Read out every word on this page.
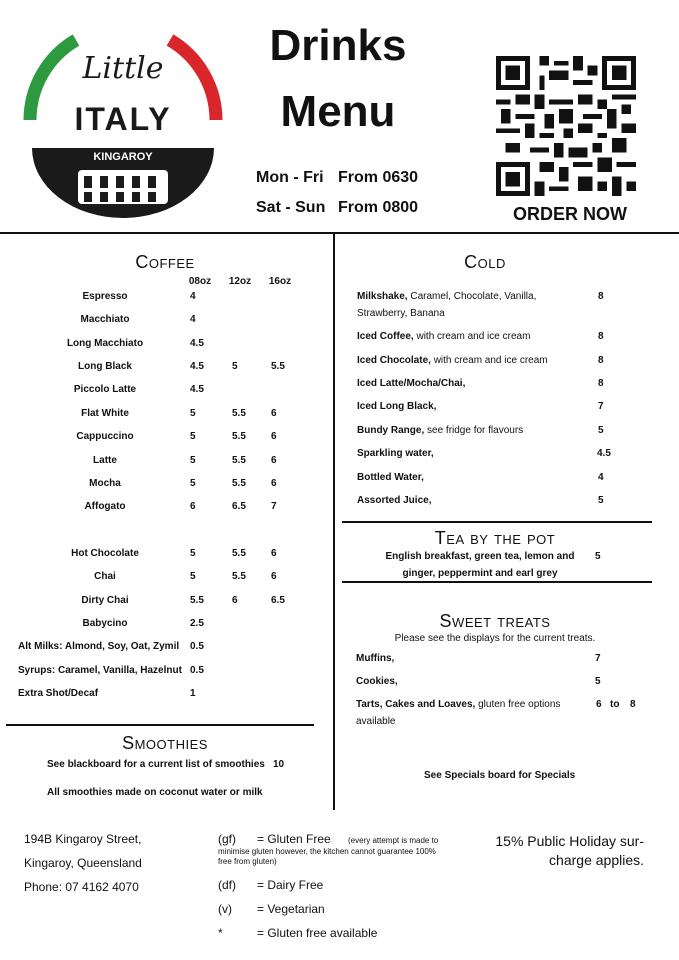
Little
ITALY
KINGAROY
Drinks
Menu
Mon - Fri From 0630
Sat - Sun From 0800	ORDER NOW
Coffee
08oz	12oz	16oz
Espresso	4
Macchiato	4
Long Macchiato	4.5
Long Black	4.5	5	5.5
Piccolo Latte	4.5
Flat White	5	5.5	6
Cappuccino	5	5.5	6
Latte	5	5.5	6
Mocha	5	5.5	6
Affogato	6	6.5	7
Hot Chocolate	5	5.5	6
Chai	5	5.5	6
Dirty Chai	5.5	6	6.5
Babycino	2.5
Alt Milks: Almond, Soy, Oat, Zymil 0.5
Syrups: Caramel, Vanilla, Hazelnut 0.5
Extra Shot/Decaf	1
Smoothies
See blackboard for a current list of smoothies 10
All smoothies made on coconut water or milk
Cold
Milkshake, Caramel, Chocolate, Vanilla,
Strawberry, Banana
8
Iced Coffee, with cream and ice cream	8
Iced Chocolate, with cream and ice cream	8
Iced Latte/Mocha/Chai,	8
Iced Long Black,	7
Bundy Range, see fridge for flavours	5
Sparkling water,	4.5
Bottled Water,	4
Assorted Juice,	5
Tea by the pot
English breakfast, green tea, lemon and
ginger, peppermint and earl grey
5
Sweet treats
Please see the displays for the current treats.
Muffins,	7
Cookies,	5
Tarts, Cakes and Loaves, gluten free options
available
6 to 8
See Specials board for Specials
194B Kingaroy Street,
Kingaroy, Queensland
Phone: 07 4162 4070
(gf) = Gluten Free (every attempt is made to
minimise gluten however, the kitchen cannot guarantee 100%
free from gluten)
(df) = Dairy Free
(v) = Vegetarian
*	= Gluten free available
15% Public Holiday sur-
charge applies.
